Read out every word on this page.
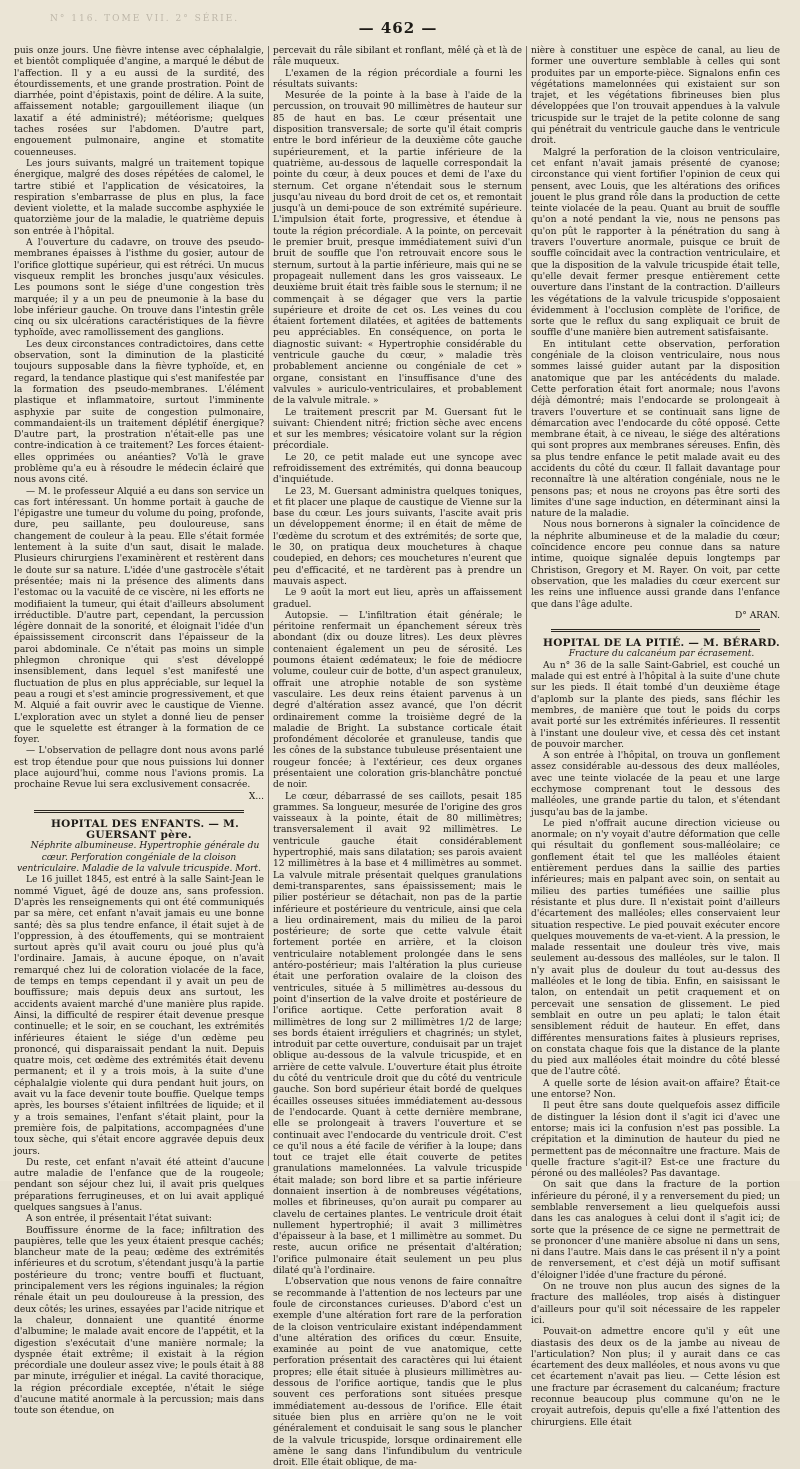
N° 116. TOME VII. 2° SÉRIE.	— 462 —

puis onze jours. Une fièvre intense avec céphalalgie, et bientôt compliquée d'angine, a marqué le début de l'affection. Il y a eu aussi de la surdité, des étourdissements, et une grande prostration. Point de diarrhée, point d'épistaxis, point de délire. A la suite, affaissement notable; gargouillement iliaque (un laxatif a été administré); météorisme; quelques taches rosées sur l'abdomen. D'autre part, engouement pulmonaire, angine et stomatite couenneuses.

Les jours suivants, malgré un traitement topique énergique, malgré des doses répétées de calomel, le tartre stibié et l'application de vésicatoires, la respiration s'embarrasse de plus en plus, la face devient violette, et la malade succombe asphyxiée le quatorzième jour de la maladie, le quatrième depuis son entrée à l'hôpital.

A l'ouverture du cadavre, on trouve des pseudo-membranes épaisses à l'isthme du gosier, autour de l'orifice glottique supérieur, qui est rétréci. Un mucus visqueux remplit les bronches jusqu'aux vésicules. Les poumons sont le siége d'une congestion très marquée; il y a un peu de pneumonie à la base du lobe inférieur gauche. On trouve dans l'intestin grêle cinq ou six ulcérations caractéristiques de la fièvre typhoïde, avec ramollissement des ganglions.

Les deux circonstances contradictoires, dans cette observation, sont la diminution de la plasticité toujours supposable dans la fièvre typhoïde, et, en regard, la tendance plastique qui s'est manifestée par la formation des pseudo-membranes. L'élément plastique et inflammatoire, surtout l'imminente asphyxie par suite de congestion pulmonaire, commandaient-ils un traitement déplétif énergique? D'autre part, la prostration n'était-elle pas une contre-indication à ce traitement? Les forces étaient-elles opprimées ou anéanties? Vo'là le grave problème qu'a eu à résoudre le médecin éclairé que nous avons cité.

— M. le professeur Alquié a eu dans son service un cas fort intéressant. Un homme portait à gauche de l'épigastre une tumeur du volume du poing, profonde, dure, peu saillante, peu douloureuse, sans changement de couleur à la peau. Elle s'était formée lentement à la suite d'un saut, disait le malade. Plusieurs chirurgiens l'examinèrent et restèrent dans le doute sur sa nature. L'idée d'une gastrocèle s'était présentée; mais ni la présence des aliments dans l'estomac ou la vacuité de ce viscère, ni les efforts ne modifiaient la tumeur, qui était d'ailleurs absolument irréductible. D'autre part, cependant, la percussion légère donnait de la sonorité, et éloignait l'idée d'un épaississement circonscrit dans l'épaisseur de la paroi abdominale. Ce n'était pas moins un simple phlegmon chronique qui s'est développé insensiblement, dans lequel s'est manifesté une fluctuation de plus en plus appréciable, sur lequel la peau a rougi et s'est amincie progressivement, et que M. Alquié a fait ouvrir avec le caustique de Vienne. L'exploration avec un stylet a donné lieu de penser que le squelette est étranger à la formation de ce foyer.

— L'observation de pellagre dont nous avons parlé est trop étendue pour que nous puissions lui donner place aujourd'hui, comme nous l'avions promis. La prochaine Revue lui sera exclusivement consacrée.

X...

HOPITAL DES ENFANTS. — M. GUERSANT père.

Néphrite albumineuse. Hypertrophie générale du cœur. Perforation congéniale de la cloison ventriculaire. Maladie de la valvule tricuspide. Mort.

Le 16 juillet 1845, est entré à la salle Saint-Jean le nommé Viguet, âgé de douze ans, sans profession. D'après les renseignements qui ont été communiqués par sa mère, cet enfant n'avait jamais eu une bonne santé; dès sa plus tendre enfance, il était sujet à de l'oppression, à des étouffements, qui se montraient surtout après qu'il avait couru ou joué plus qu'à l'ordinaire. Jamais, à aucune époque, on n'avait remarqué chez lui de coloration violacée de la face, de temps en temps cependant il y avait un peu de bouffissure; mais depuis deux ans surtout, les accidents avaient marché d'une manière plus rapide. Ainsi, la difficulté de respirer était devenue presque continuelle; et le soir, en se couchant, les extrémités inférieures étaient le siége d'un œdème peu prononcé, qui disparaissait pendant la nuit. Depuis quatre mois, cet œdème des extrémités était devenu permanent; et il y a trois mois, à la suite d'une céphalalgie violente qui dura pendant huit jours, on avait vu la face devenir toute bouffie. Quelque temps après, les bourses s'étaient infiltrées de liquide; et il y a trois semaines, l'enfant s'était plaint, pour la première fois, de palpitations, accompagnées d'une toux sèche, qui s'était encore aggravée depuis deux jours.

Du reste, cet enfant n'avait été atteint d'aucune autre maladie de l'enfance que de la rougeole; pendant son séjour chez lui, il avait pris quelques préparations ferrugineuses, et on lui avait appliqué quelques sangsues à l'anus.

A son entrée, il présentait l'état suivant:

Bouffissure énorme de la face; infiltration des paupières, telle que les yeux étaient presque cachés; blancheur mate de la peau; œdème des extrémités inférieures et du scrotum, s'étendant jusqu'à la partie postérieure du tronc; ventre bouffi et fluctuant, principalement vers les régions inguinales; la région rénale était un peu douloureuse à la pression, des deux côtés; les urines, essayées par l'acide nitrique et la chaleur, donnaient une quantité énorme d'albumine; le malade avait encore de l'appétit, et la digestion s'exécutait d'une manière normale; la dyspnée était extrême; il existait à la région précordiale une douleur assez vive; le pouls était à 88 par minute, irrégulier et inégal. La cavité thoracique, la région précordiale exceptée, n'était le siége d'aucune matité anormale à la percussion; mais dans toute son étendue, on

percevait du râle sibilant et ronflant, mêlé çà et là de râle muqueux.

L'examen de la région précordiale a fourni les résultats suivants:

Mesurée de la pointe à la base à l'aide de la percussion, on trouvait 90 millimètres de hauteur sur 85 de haut en bas. Le cœur présentait une disposition transversale; de sorte qu'il était compris entre le bord inférieur de la deuxième côte gauche supérieurement, et la partie inférieure de la quatrième, au-dessous de laquelle correspondait la pointe du cœur, à deux pouces et demi de l'axe du sternum. Cet organe n'étendait sous le sternum jusqu'au niveau du bord droit de cet os, et remontait jusqu'à un demi-pouce de son extrémité supérieure. L'impulsion était forte, progressive, et étendue à toute la région précordiale. A la pointe, on percevait le premier bruit, presque immédiatement suivi d'un bruit de souffle que l'on retrouvait encore sous le sternum, surtout à la partie inférieure, mais qui ne se propageait nullement dans les gros vaisseaux. Le deuxième bruit était très faible sous le sternum; il ne commençait à se dégager que vers la partie supérieure et droite de cet os. Les veines du cou étaient fortement dilatées, et agitées de battements peu appréciables. En conséquence, on porta le diagnostic suivant: « Hypertrophie considérable du ventricule gauche du cœur, » maladie très probablement ancienne ou congéniale de cet » organe, consistant en l'insuffisance d'une des valvules » auriculo-ventriculaires, et probablement de la valvule mitrale. »

Le traitement prescrit par M. Guersant fut le suivant: Chiendent nitré; friction sèche avec encens et sur les membres; vésicatoire volant sur la région précordiale.

Le 20, ce petit malade eut une syncope avec refroidissement des extrémités, qui donna beaucoup d'inquiétude.

Le 23, M. Guersant administra quelques toniques, et fit placer une plaque de caustique de Vienne sur la base du cœur. Les jours suivants, l'ascite avait pris un développement énorme; il en était de même de l'œdème du scrotum et des extrémités; de sorte que, le 30, on pratiqua deux mouchetures à chaque coudepied, en dehors; ces mouchetures n'eurent que peu d'efficacité, et ne tardèrent pas à prendre un mauvais aspect.

Le 9 août la mort eut lieu, après un affaissement graduel.

Autopsie. — L'infiltration était générale; le péritoine renfermait un épanchement séreux très abondant (dix ou douze litres). Les deux plèvres contenaient également un peu de sérosité. Les poumons étaient œdémateux; le foie de médiocre volume, couleur cuir de botte, d'un aspect granuleux, offrait une atrophie notable de son système vasculaire. Les deux reins étaient parvenus à un degré d'altération assez avancé, que l'on décrit ordinairement comme la troisième degré de la maladie de Bright. La substance corticale était profondément décolorée et granuleuse, tandis que les cônes de la substance tubuleuse présentaient une rougeur foncée; à l'extérieur, ces deux organes présentaient une coloration gris-blanchâtre ponctué de noir.

Le cœur, débarrassé de ses caillots, pesait 185 grammes. Sa longueur, mesurée de l'origine des gros vaisseaux à la pointe, était de 80 millimètres; transversalement il avait 92 millimètres. Le ventricule gauche était considérablement hypertrophié, mais sans dilatation; ses parois avaient 12 millimètres à la base et 4 millimètres au sommet. La valvule mitrale présentait quelques granulations demi-transparentes, sans épaississement; mais le pilier postérieur se détachait, non pas de la partie inférieure et postérieure du ventricule, ainsi que cela a lieu ordinairement, mais du milieu de la paroi postérieure; de sorte que cette valvule était fortement portée en arrière, et la cloison ventriculaire notablement prolongée dans le sens antéro-postérieur; mais l'altération la plus curieuse était une perforation ovalaire de la cloison des ventricules, située à 5 millimètres au-dessous du point d'insertion de la valve droite et postérieure de l'orifice aortique. Cette perforation avait 8 millimètres de long sur 2 millimètres 1/2 de large; ses bords étaient irréguliers et chagrinés; un stylet, introduit par cette ouverture, conduisait par un trajet oblique au-dessous de la valvule tricuspide, et en arrière de cette valvule. L'ouverture était plus étroite du côté du ventricule droit que du côté du ventricule gauche. Son bord supérieur était bordé de quelques écailles osseuses situées immédiatement au-dessous de l'endocarde. Quant à cette dernière membrane, elle se prolongeait à travers l'ouverture et se continuait avec l'endocarde du ventricule droit. C'est ce qu'il nous a été facile de vérifier à la loupe; dans tout ce trajet elle était couverte de petites granulations mamelonnées. La valvule tricuspide était malade; son bord libre et sa partie inférieure donnaient insertion à de nombreuses végétations, molles et fibrineuses, qu'on aurait pu comparer au clavelu de certaines plantes. Le ventricule droit était nullement hypertrophié; il avait 3 millimètres d'épaisseur à la base, et 1 millimètre au sommet. Du reste, aucun orifice ne présentait d'altération; l'orifice pulmonaire était seulement un peu plus dilaté qu'à l'ordinaire.

L'observation que nous venons de faire connaître se recommande à l'attention de nos lecteurs par une foule de circonstances curieuses. D'abord c'est un exemple d'une altération fort rare de la perforation de la cloison ventriculaire existant indépendamment d'une altération des orifices du cœur. Ensuite, examinée au point de vue anatomique, cette perforation présentait des caractères qui lui étaient propres; elle était située à plusieurs millimètres au-dessous de l'orifice aortique, tandis que le plus souvent ces perforations sont situées presque immédiatement au-dessous de l'orifice. Elle était située bien plus en arrière qu'on ne le voit généralement et conduisait le sang sous le plancher de la valvule tricuspide, lorsque ordinairement elle amène le sang dans l'infundibulum du ventricule droit. Elle était oblique, de ma-

nière à constituer une espèce de canal, au lieu de former une ouverture semblable à celles qui sont produites par un emporte-pièce. Signalons enfin ces végétations mamelonnées qui existaient sur son trajet, et les végétations fibrineuses bien plus développées que l'on trouvait appendues à la valvule tricuspide sur le trajet de la petite colonne de sang qui pénétrait du ventricule gauche dans le ventricule droit.

Malgré la perforation de la cloison ventriculaire, cet enfant n'avait jamais présenté de cyanose; circonstance qui vient fortifier l'opinion de ceux qui pensent, avec Louis, que les altérations des orifices jouent le plus grand rôle dans la production de cette teinte violacée de la peau. Quant au bruit de souffle qu'on a noté pendant la vie, nous ne pensons pas qu'on pût le rapporter à la pénétration du sang à travers l'ouverture anormale, puisque ce bruit de souffle coïncidait avec la contraction ventriculaire, et que la disposition de la valvule tricuspide était telle, qu'elle devait fermer presque entièrement cette ouverture dans l'instant de la contraction. D'ailleurs les végétations de la valvule tricuspide s'opposaient évidemment à l'occlusion complète de l'orifice, de sorte que le reflux du sang expliquait ce bruit de souffle d'une manière bien autrement satisfaisante.

En intitulant cette observation, perforation congéniale de la cloison ventriculaire, nous nous sommes laissé guider autant par la disposition anatomique que par les antécédents du malade. Cette perforation était fort anormale; nous l'avons déjà démontré; mais l'endocarde se prolongeait à travers l'ouverture et se continuait sans ligne de démarcation avec l'endocarde du côté opposé. Cette membrane était, à ce niveau, le siége des altérations qui sont propres aux membranes séreuses. Enfin, dès sa plus tendre enfance le petit malade avait eu des accidents du côté du cœur. Il fallait davantage pour reconnaître là une altération congéniale, nous ne le pensons pas; et nous ne croyons pas être sorti des limites d'une sage induction, en déterminant ainsi la nature de la maladie.

Nous nous bornerons à signaler la coïncidence de la néphrite albumineuse et de la maladie du cœur; coïncidence encore peu connue dans sa nature intime, quoique signalée depuis longtemps par Christison, Gregory et M. Rayer. On voit, par cette observation, que les maladies du cœur exercent sur les reins une influence aussi grande dans l'enfance que dans l'âge adulte.

D° ARAN.

HOPITAL DE LA PITIÉ. — M. BÉRARD.

Fracture du calcanéum par écrasement.

Au n° 36 de la salle Saint-Gabriel, est couché un malade qui est entré à l'hôpital à la suite d'une chute sur les pieds. Il était tombé d'un deuxième étage d'aplomb sur la plante des pieds, sans fléchir les membres, de manière que tout le poids du corps avait porté sur les extrémités inférieures. Il ressentit à l'instant une douleur vive, et cessa dès cet instant de pouvoir marcher.

A son entrée à l'hôpital, on trouva un gonflement assez considérable au-dessous des deux malléoles, avec une teinte violacée de la peau et une large ecchymose comprenant tout le dessous des malléoles, une grande partie du talon, et s'étendant jusqu'au bas de la jambe.

Le pied n'offrait aucune direction vicieuse ou anormale; on n'y voyait d'autre déformation que celle qui résultait du gonflement sous-malléolaire; ce gonflement était tel que les malléoles étaient entièrement perdues dans la saillie des parties inférieures; mais en palpant avec soin, on sentait au milieu des parties tuméfiées une saillie plus résistante et plus dure. Il n'existait point d'ailleurs d'écartement des malléoles; elles conservaient leur situation respective. Le pied pouvait exécuter encore quelques mouvements de va-et-vient. A la pression, le malade ressentait une douleur très vive, mais seulement au-dessous des malléoles, sur le talon. Il n'y avait plus de douleur du tout au-dessus des malléoles et le long de tibia. Enfin, en saisissant le talon, on entendait un petit craquement et on percevait une sensation de glissement. Le pied semblait en outre un peu aplati; le talon était sensiblement réduit de hauteur. En effet, dans différentes mensurations faites à plusieurs reprises, on constata chaque fois que la distance de la plante du pied aux malléoles était moindre du côté blessé que de l'autre côté.

A quelle sorte de lésion avait-on affaire? Était-ce une entorse? Non.

Il peut être sans doute quelquefois assez difficile de distinguer la lésion dont il s'agit ici d'avec une entorse; mais ici la confusion n'est pas possible. La crépitation et la diminution de hauteur du pied ne permettent pas de méconnaître une fracture. Mais de quelle fracture s'agit-il? Est-ce une fracture du péroné ou des malléoles? Pas davantage.

On sait que dans la fracture de la portion inférieure du péroné, il y a renversement du pied; un semblable renversement a lieu quelquefois aussi dans les cas analogues à celui dont il s'agit ici; de sorte que la présence de ce signe ne permettrait de se prononcer d'une manière absolue ni dans un sens, ni dans l'autre. Mais dans le cas présent il n'y a point de renversement, et c'est déjà un motif suffisant d'éloigner l'idée d'une fracture du péroné.

On ne trouve non plus aucun des signes de la fracture des malléoles, trop aisés à distinguer d'ailleurs pour qu'il soit nécessaire de les rappeler ici.

Pouvait-on admettre encore qu'il y eût une diastasis des deux os de la jambe au niveau de l'articulation? Non plus; il y aurait dans ce cas écartement des deux malléoles, et nous avons vu que cet écartement n'avait pas lieu. — Cette lésion est une fracture par écrasement du calcanéum; fracture reconnue beaucoup plus commune qu'on ne le croyait autrefois, depuis qu'elle a fixé l'attention des chirurgiens. Elle était
